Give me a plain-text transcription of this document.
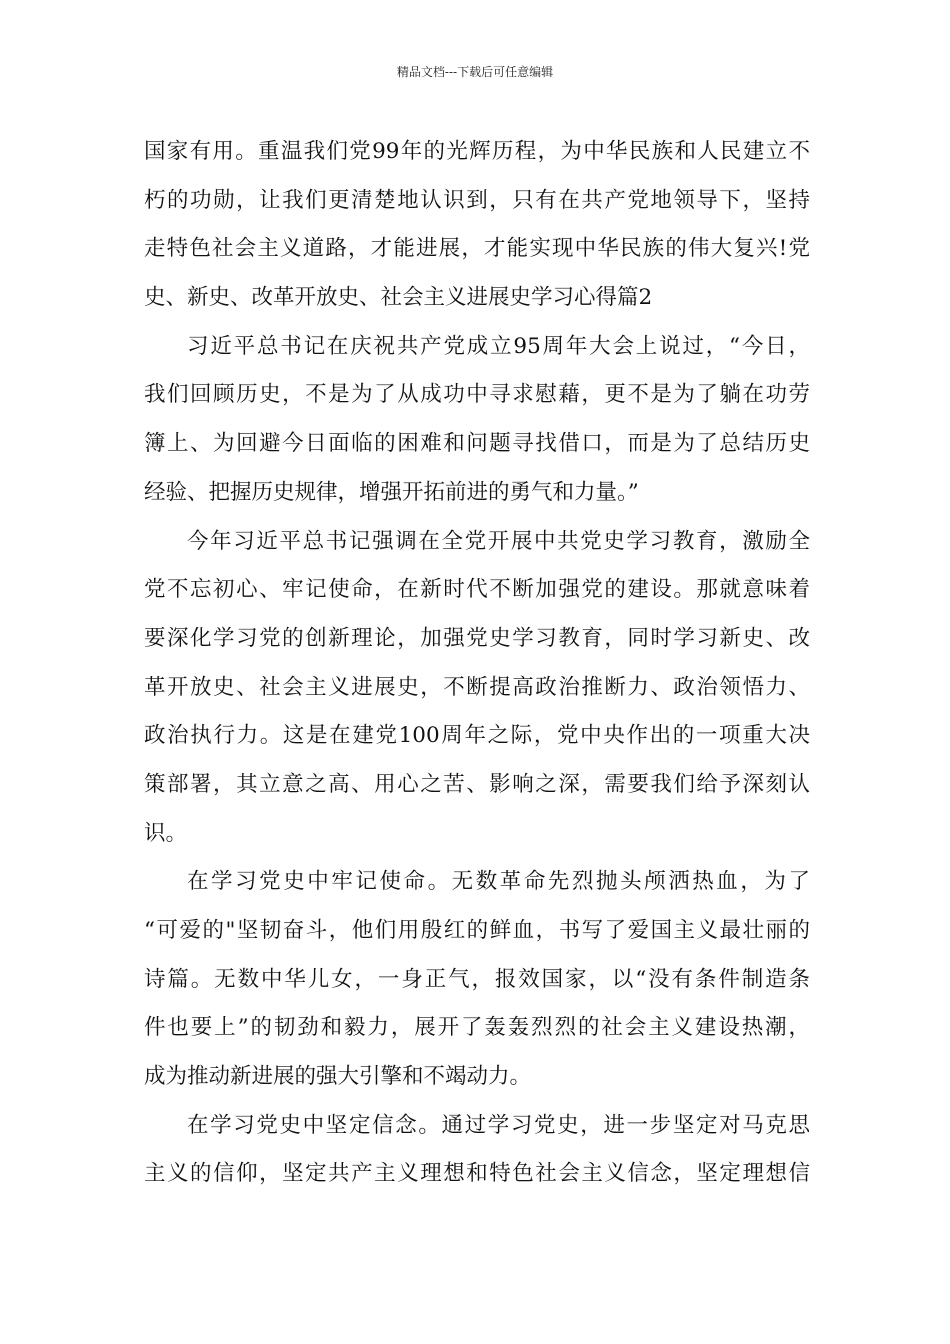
精品文档---下载后可任意编辑
国家有用。重温我们党99年的光辉历程，为中华民族和人民建立不
朽的功勋，让我们更清楚地认识到，只有在共产党地领导下，坚持
走特色社会主义道路，才能进展，才能实现中华民族的伟大复兴!党
史、新史、改革开放史、社会主义进展史学习心得篇2
习近平总书记在庆祝共产党成立95周年大会上说过，“今日，
我们回顾历史，不是为了从成功中寻求慰藉，更不是为了躺在功劳
簿上、为回避今日面临的困难和问题寻找借口，而是为了总结历史
经验、把握历史规律，增强开拓前进的勇气和力量。”
今年习近平总书记强调在全党开展中共党史学习教育，激励全
党不忘初心、牢记使命，在新时代不断加强党的建设。那就意味着
要深化学习党的创新理论，加强党史学习教育，同时学习新史、改
革开放史、社会主义进展史，不断提高政治推断力、政治领悟力、
政治执行力。这是在建党100周年之际，党中央作出的一项重大决
策部署，其立意之高、用心之苦、影响之深，需要我们给予深刻认
识。
在学习党史中牢记使命。无数革命先烈抛头颅洒热血，为了
“可爱的"坚韧奋斗，他们用殷红的鲜血，书写了爱国主义最壮丽的
诗篇。无数中华儿女，一身正气，报效国家，以“没有条件制造条
件也要上”的韧劲和毅力，展开了轰轰烈烈的社会主义建设热潮，
成为推动新进展的强大引擎和不竭动力。
在学习党史中坚定信念。通过学习党史，进一步坚定对马克思
主义的信仰，坚定共产主义理想和特色社会主义信念，坚定理想信
